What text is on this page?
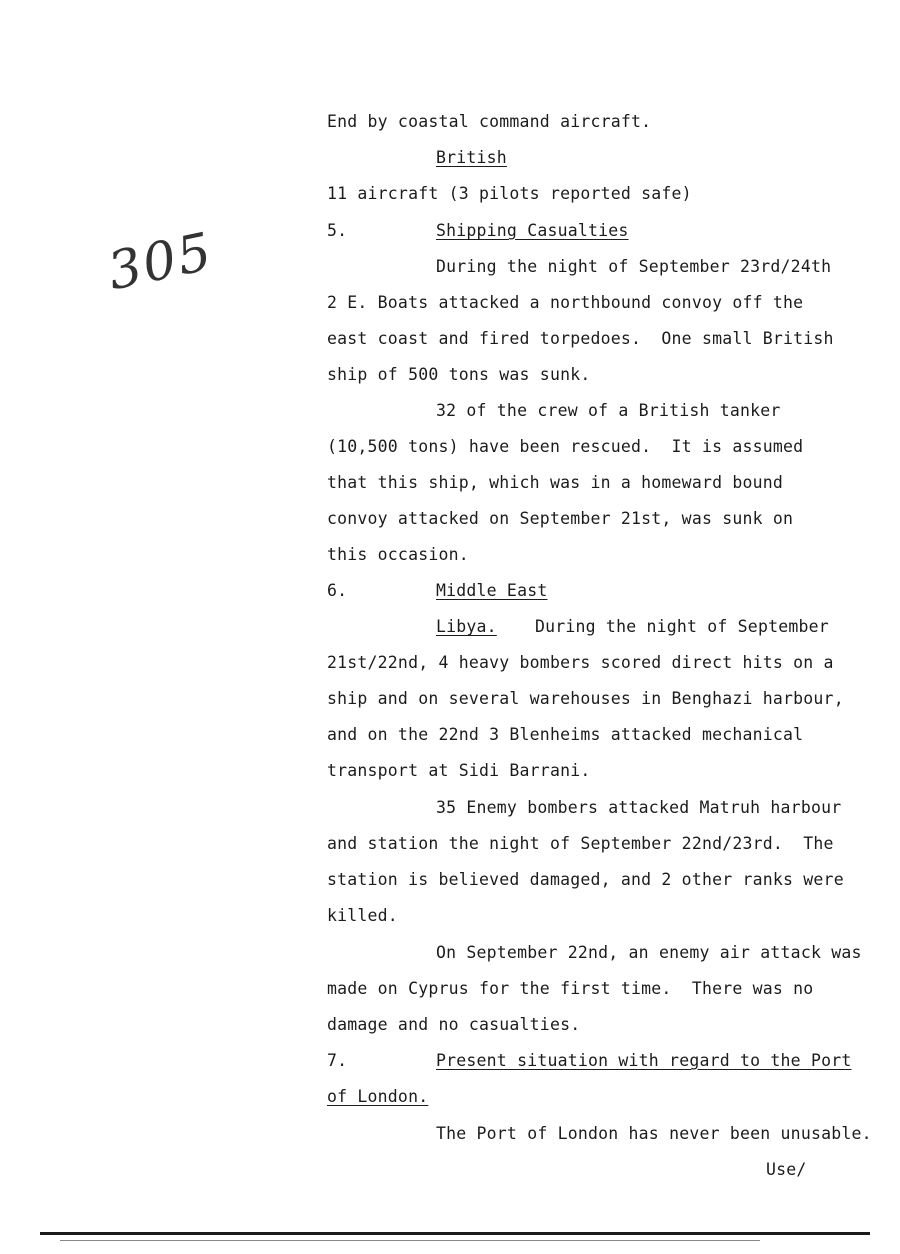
305
End by coastal command aircraft.
British
11 aircraft (3 pilots reported safe)
5.	Shipping Casualties
During the night of September 23rd/24th
2 E. Boats attacked a northbound convoy off the
east coast and fired torpedoes.  One small British
ship of 500 tons was sunk.
32 of the crew of a British tanker
(10,500 tons) have been rescued.  It is assumed
that this ship, which was in a homeward bound
convoy attacked on September 21st, was sunk on
this occasion.
6.	Middle East
Libya. During the night of September
21st/22nd, 4 heavy bombers scored direct hits on a
ship and on several warehouses in Benghazi harbour,
and on the 22nd 3 Blenheims attacked mechanical
transport at Sidi Barrani.
35 Enemy bombers attacked Matruh harbour
and station the night of September 22nd/23rd.  The
station is believed damaged, and 2 other ranks were
killed.
On September 22nd, an enemy air attack was
made on Cyprus for the first time.  There was no
damage and no casualties.
7.	Present situation with regard to the Port
of London.
The Port of London has never been unusable.
Use/
